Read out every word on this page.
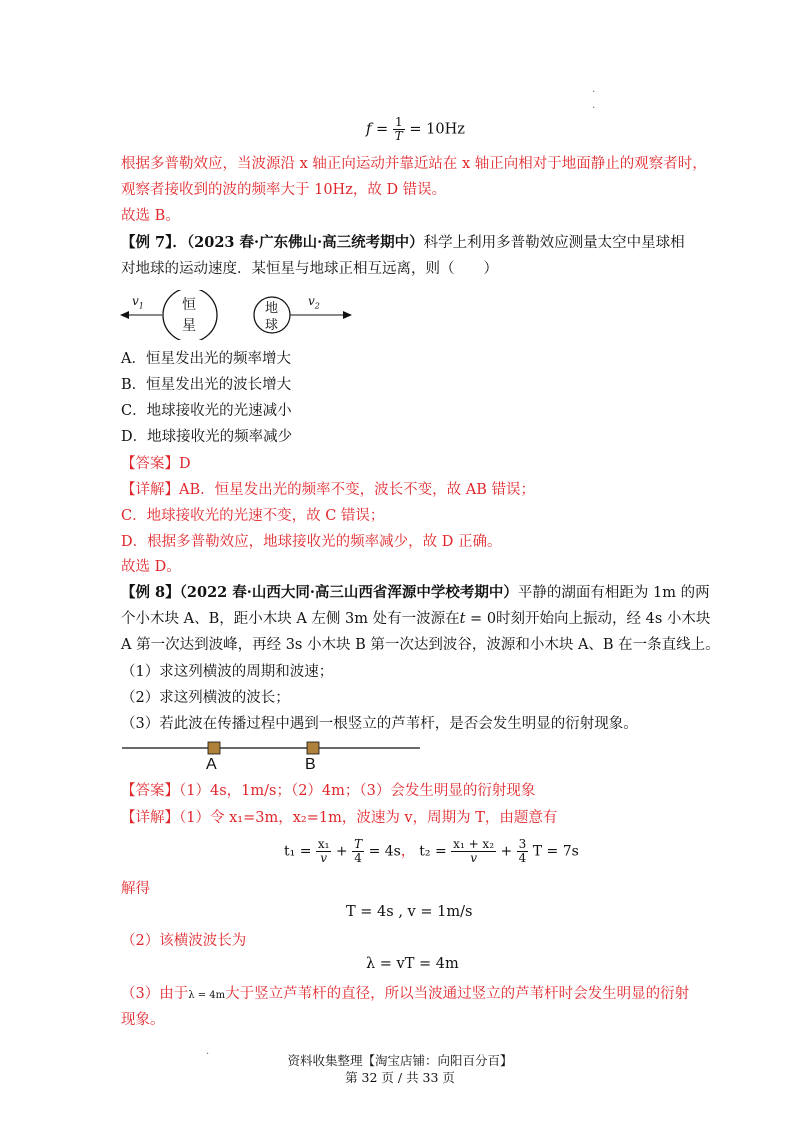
.
.
$f = \frac{1}{T} = 10Hz$
根据多普勒效应，当波源沿 x 轴正向运动并靠近站在 x 轴正向相对于地面静止的观察者时，
观察者接收到的波的频率大于 10Hz，故 D 错误。
故选 B。
【例 7】．（2023 春·广东佛山·高三统考期中）科学上利用多普勒效应测量太空中星球相
对地球的运动速度．某恒星与地球正相互远离，则（　　）
$v_1$	恒
星
地
球
$v_2$
A．恒星发出光的频率增大
B．恒星发出光的波长增大
C．地球接收光的光速减小
D．地球接收光的频率减少
【答案】D
【详解】AB．恒星发出光的频率不变，波长不变，故 AB 错误；
C．地球接收光的光速不变，故 C 错误；
D．根据多普勒效应，地球接收光的频率减少，故 D 正确。
故选 D。
【例 8】（2022 春·山西大同·高三山西省浑源中学校考期中）平静的湖面有相距为 1m 的两
个小木块 A、B，距小木块 A 左侧 3m 处有一波源在t = 0时刻开始向上振动，经 4s 小木块
A 第一次达到波峰，再经 3s 小木块 B 第一次达到波谷，波源和小木块 A、B 在一条直线上。
（1）求这列横波的周期和波速；
（2）求这列横波的波长；
（3）若此波在传播过程中遇到一根竖立的芦苇杆，是否会发生明显的衍射现象。
A	B
【答案】（1）4s，1m/s；（2）4m；（3）会发生明显的衍射现象
【详解】（1）令 x₁=3m，x₂=1m，波速为 v，周期为 T，由题意有
$t_1 = \frac{\text{x₁}}{v} + \frac{T}{4} = 4s$， $t_2 = \frac{\text{x₁ + x₂}}{v} + \frac{3}{4}$ T = 7s
解得
T = 4s , v = 1m/s
（2）该横波波长为
λ = vT = 4m
（3）由于λ = 4m大于竖立芦苇杆的直径，所以当波通过竖立的芦苇杆时会发生明显的衍射
现象。
.
资料收集整理【淘宝店铺：向阳百分百】
第 32 页 / 共 33 页
